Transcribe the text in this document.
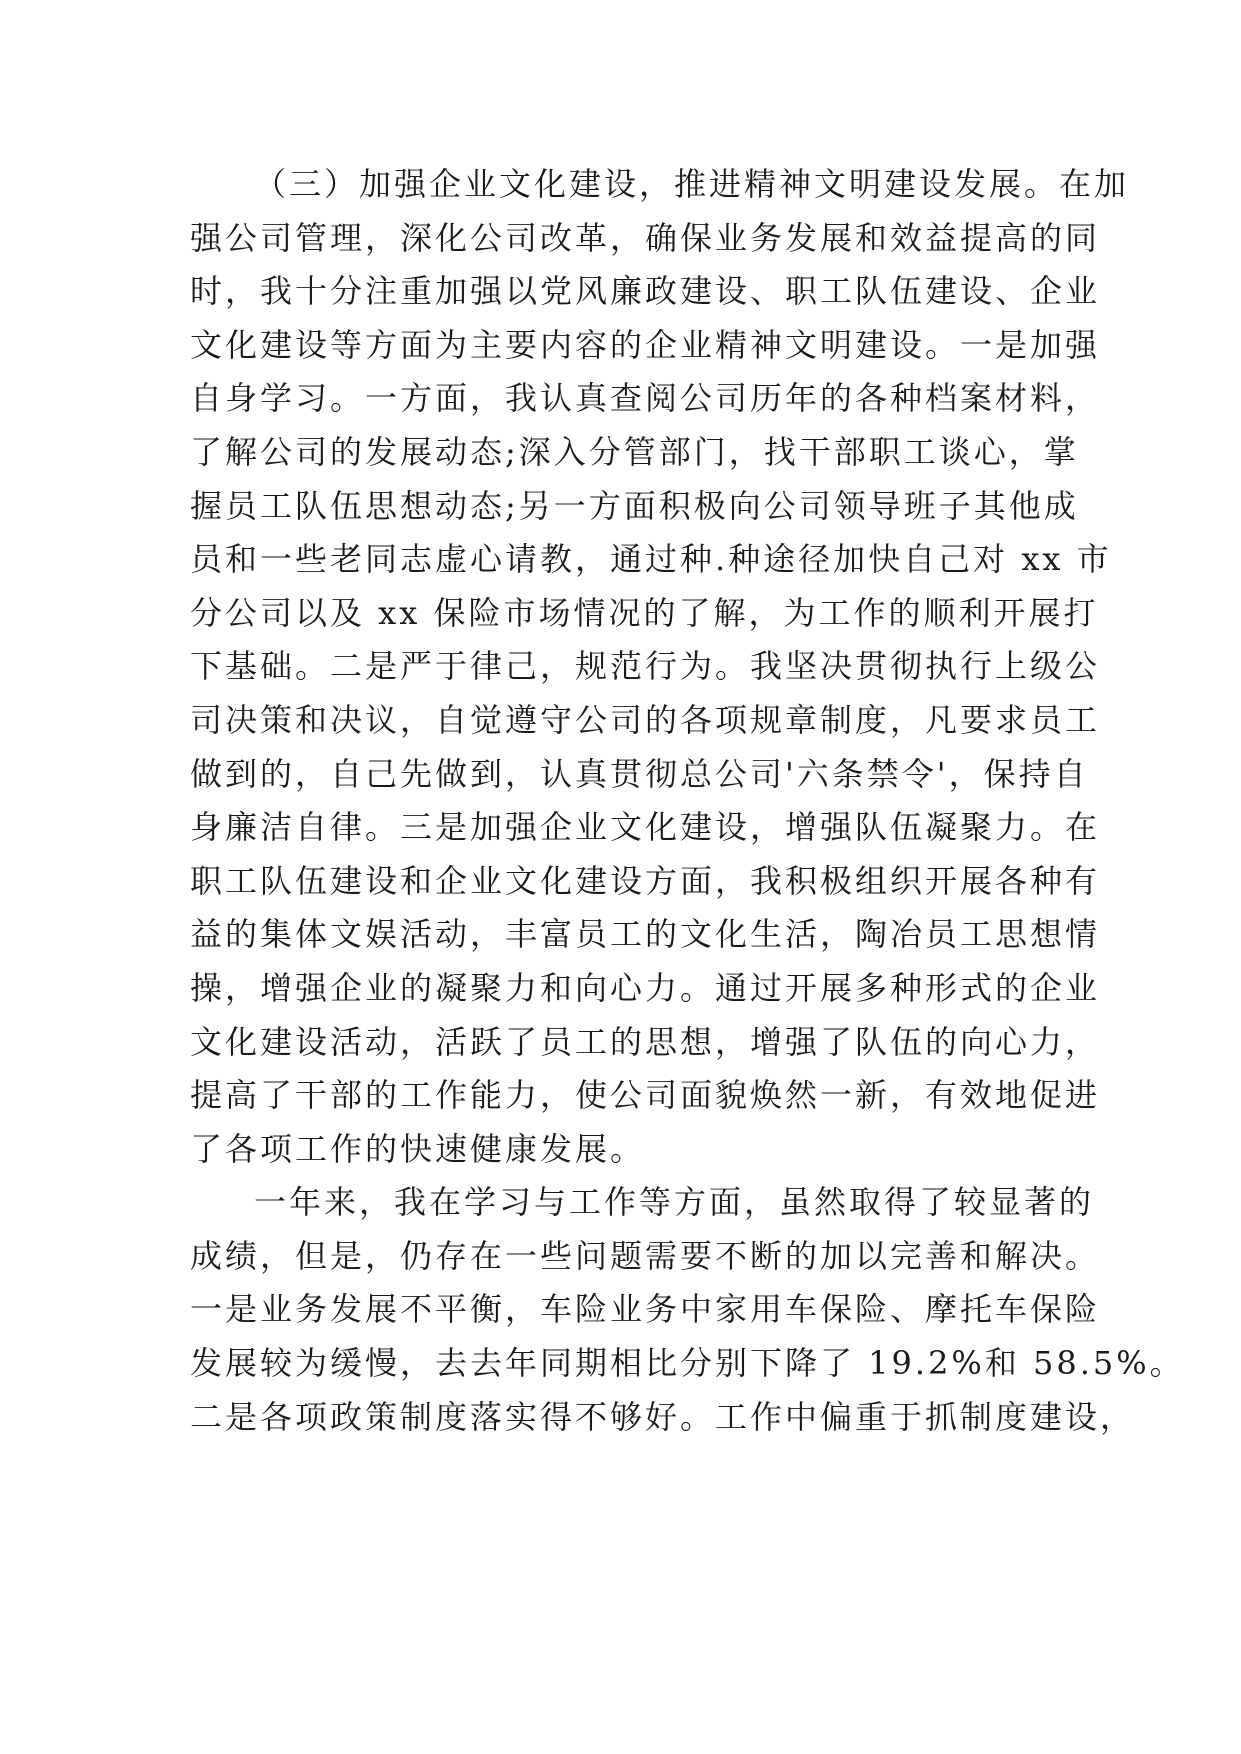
（三）加强企业文化建设，推进精神文明建设发展。在加
强公司管理，深化公司改革，确保业务发展和效益提高的同
时，我十分注重加强以党风廉政建设、职工队伍建设、企业
文化建设等方面为主要内容的企业精神文明建设。一是加强
自身学习。一方面，我认真查阅公司历年的各种档案材料，
了解公司的发展动态;深入分管部门，找干部职工谈心，掌
握员工队伍思想动态;另一方面积极向公司领导班子其他成
员和一些老同志虚心请教，通过种.种途径加快自己对 xx 市
分公司以及 xx 保险市场情况的了解，为工作的顺利开展打
下基础。二是严于律己，规范行为。我坚决贯彻执行上级公
司决策和决议，自觉遵守公司的各项规章制度，凡要求员工
做到的，自己先做到，认真贯彻总公司'六条禁令'，保持自
身廉洁自律。三是加强企业文化建设，增强队伍凝聚力。在
职工队伍建设和企业文化建设方面，我积极组织开展各种有
益的集体文娱活动，丰富员工的文化生活，陶冶员工思想情
操，增强企业的凝聚力和向心力。通过开展多种形式的企业
文化建设活动，活跃了员工的思想，增强了队伍的向心力，
提高了干部的工作能力，使公司面貌焕然一新，有效地促进
了各项工作的快速健康发展。
一年来，我在学习与工作等方面，虽然取得了较显著的
成绩，但是，仍存在一些问题需要不断的加以完善和解决。
一是业务发展不平衡，车险业务中家用车保险、摩托车保险
发展较为缓慢，去去年同期相比分别下降了 19.2%和 58.5%。
二是各项政策制度落实得不够好。工作中偏重于抓制度建设，
